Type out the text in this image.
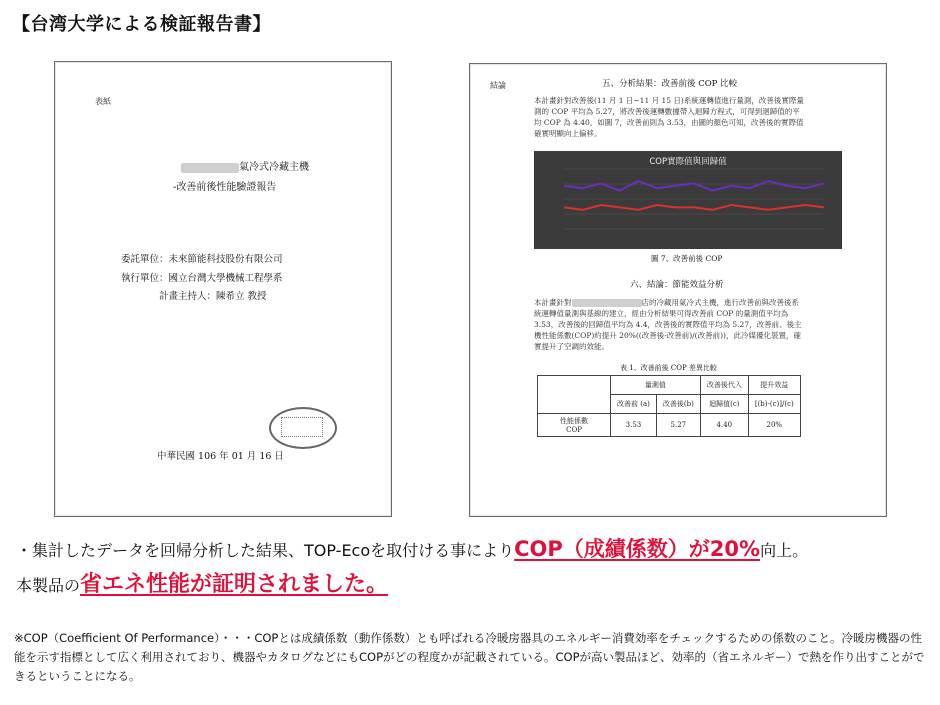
【台湾大学による検証報告書】
表紙
氣冷式冷藏主機
-改善前後性能驗證報告
委託單位：未來節能科技股份有限公司
執行單位：國立台灣大學機械工程學系
計畫主持人：陳希立 教授
中華民國 106 年 01 月 16 日
結論	五、分析結果：改善前後 COP 比較
本計畫針對改善後(11 月 1 日~11 月 15 日)系統運轉值進行量測，改善後實際量
測的 COP 平均為 5.27，將改善後運轉數據帶入迴歸方程式，可得到迴歸值的平
均 COP 為 4.40，如圖 7，改善前則為 3.53，由圖的顏色可知，改善後的實際值
確實明顯向上偏移。
COP實際值與回歸值
圖 7、改善前後 COP
六、結論：節能效益分析
本計畫針對	店的冷藏用氣冷式主機，進行改善前與改善後系
統運轉值量測與基線的建立，經由分析結果可得改善前 COP 的量測值平均為
3.53，改善後的回歸值平均為 4.4，改善後的實際值平均為 5.27，改善前、後主
機性能係數(COP)約提升 20%((改善後-改善前)/(改善前))，此冷媒優化裝置，確
實提升了空調的效能。
表 1、改善前後 COP 差異比較
	量測值		改善後代入	提升效益
	改善前 (a)	改善後(b)	迴歸值(c)	[(b)-(c)]/(c)

性能係數
COP	3.53	5.27	4.40	20%
・集計したデータを回帰分析した結果、TOP-Ecoを取付ける事によりCOP（成績係数）が20%向上。
本製品の省エネ性能が証明されました。
※COP（Coefficient Of Performance）・・・COPとは成績係数（動作係数）とも呼ばれる冷暖房器具のエネルギー消費効率をチェックするための係数のこと。冷暖房機器の性能を示す指標として広く利用されており、機器やカタログなどにもCOPがどの程度かが記載されている。COPが高い製品ほど、効率的（省エネルギー）で熱を作り出すことができるということになる。
